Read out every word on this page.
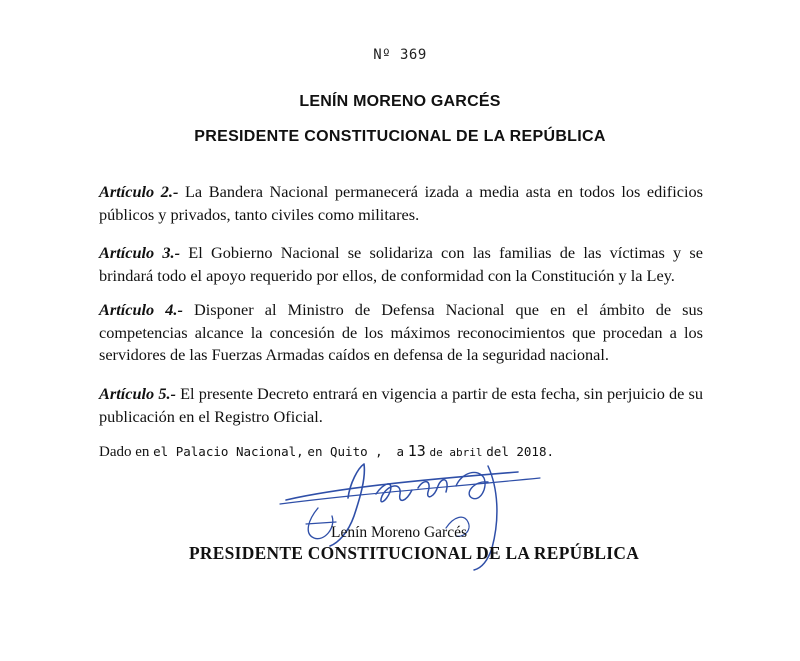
Nº 369
LENÍN MORENO GARCÉS
PRESIDENTE CONSTITUCIONAL DE LA REPÚBLICA

Artículo 2.- La Bandera Nacional permanecerá izada a media asta en todos los edificios públicos y privados, tanto civiles como militares.

Artículo 3.- El Gobierno Nacional se solidariza con las familias de las víctimas y se brindará todo el apoyo requerido por ellos, de conformidad con la Constitución y la Ley.

Artículo 4.- Disponer al Ministro de Defensa Nacional que en el ámbito de sus competencias alcance la concesión de los máximos reconocimientos que procedan a los servidores de las Fuerzas Armadas caídos en defensa de la seguridad nacional.

Artículo 5.- El presente Decreto entrará en vigencia a partir de esta fecha, sin perjuicio de su publicación en el Registro Oficial.

Dado en el Palacio Nacional, en Quito , a 13 de abril del 2018.
Lenín Moreno Garcés
PRESIDENTE CONSTITUCIONAL DE LA REPÚBLICA
